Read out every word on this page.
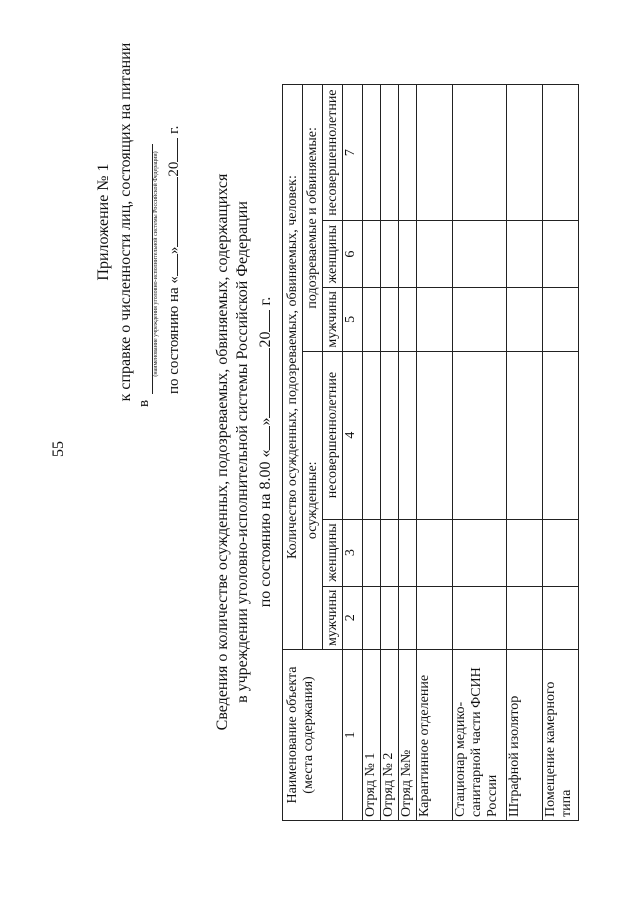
55
Приложение № 1 к справке о численности лиц, состоящих на питании
в
(наименование учреждения уголовно-исполнительной системы Российской Федерации) по состоянию на «»20 г.
Сведения о количестве осужденных, подозреваемых, обвиняемых, содержащихся в учреждении уголовно-исполнительной системы Российской Федерации по состоянию на 8.00 «»20 г.
Наименование объекта (места содержания)	Количество осужденных, подозреваемых, обвиняемых, человек:					
	осужденные:			подозреваемые и обвиняемые:		
	мужчины	женщины	несовершеннолетние	мужчины	женщины	несовершеннолетние
1	2	3	4	5	6	7
Отряд № 1						
Отряд № 2						
Отряд №№						
Карантинное отделение						
Стационар медико-санитарной части ФСИН России						
Штрафной изолятор						
Помещение камерного типа						
